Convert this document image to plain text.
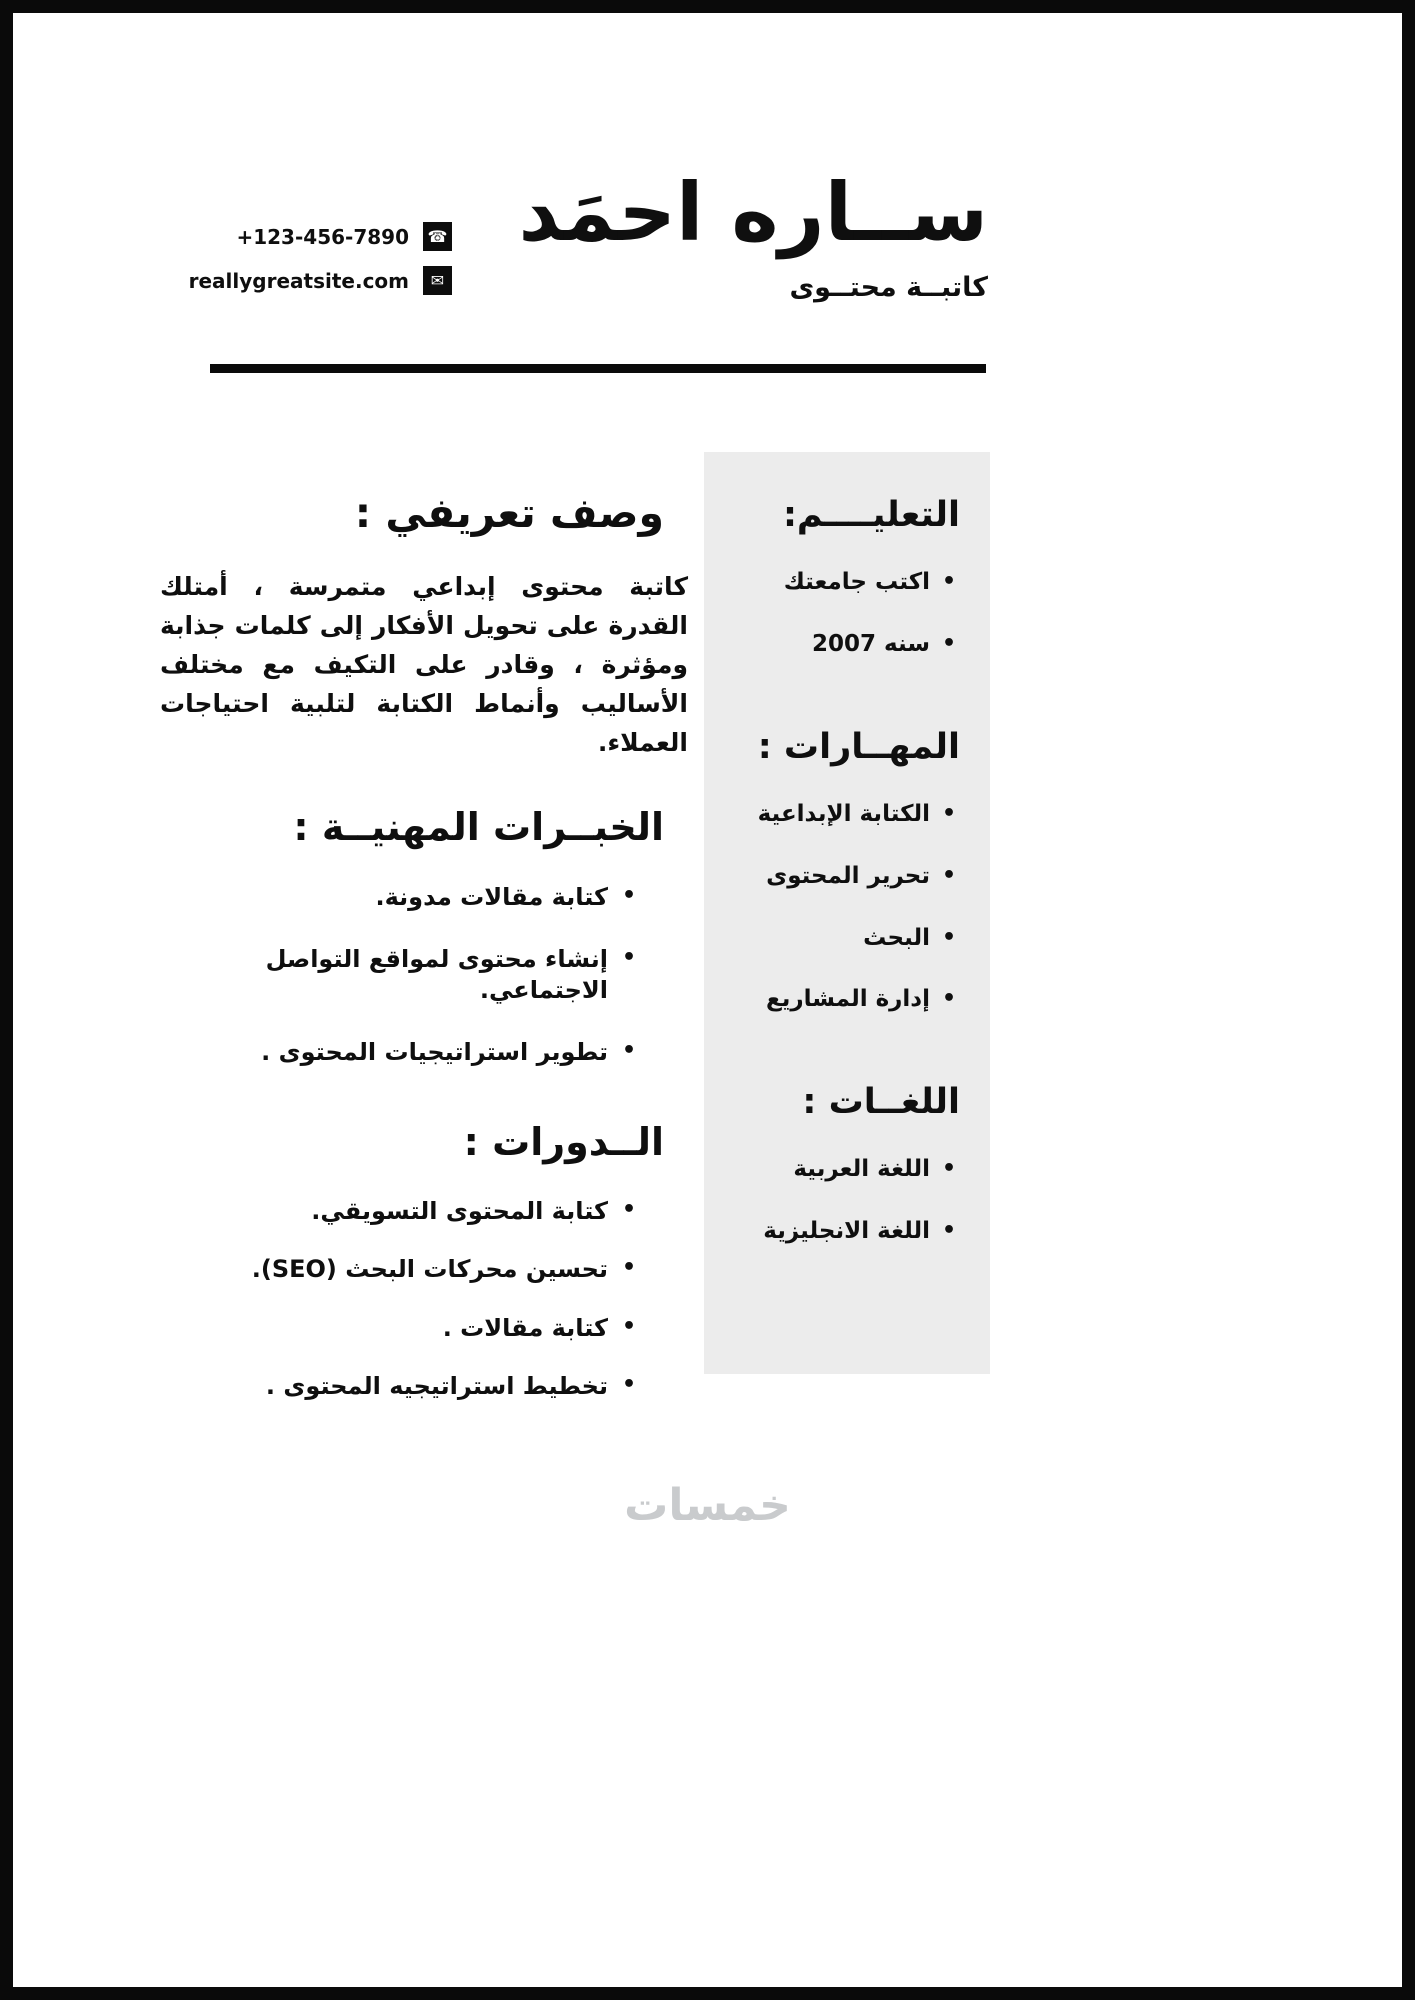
ســاره احمَد

كاتبــة محتــوى

+123-456-7890 ☎
reallygreatsite.com	✉
التعليــــم:
• اكتب جامعتك
• سنه 2007
المهــارات :
• الكتابة الإبداعية
• تحرير المحتوى
• البحث
• إدارة المشاريع
اللغــات :
• اللغة العربية
• اللغة الانجليزية
وصف تعريفي :

كاتبة محتوى إبداعي متمرسة ، أمتلك القدرة على تحويل الأفكار إلى كلمات جذابة ومؤثرة ، وقادر على التكيف مع مختلف الأساليب وأنماط الكتابة لتلبية احتياجات العملاء.

الخبــرات المهنيــة :
• كتابة مقالات مدونة.
• إنشاء محتوى لمواقع التواصل الاجتماعي.
• تطوير استراتيجيات المحتوى .
الــدورات :
• كتابة المحتوى التسويقي.
• تحسين محركات البحث (SEO).
• كتابة مقالات .
• تخطيط استراتيجيه المحتوى .
خمسات
